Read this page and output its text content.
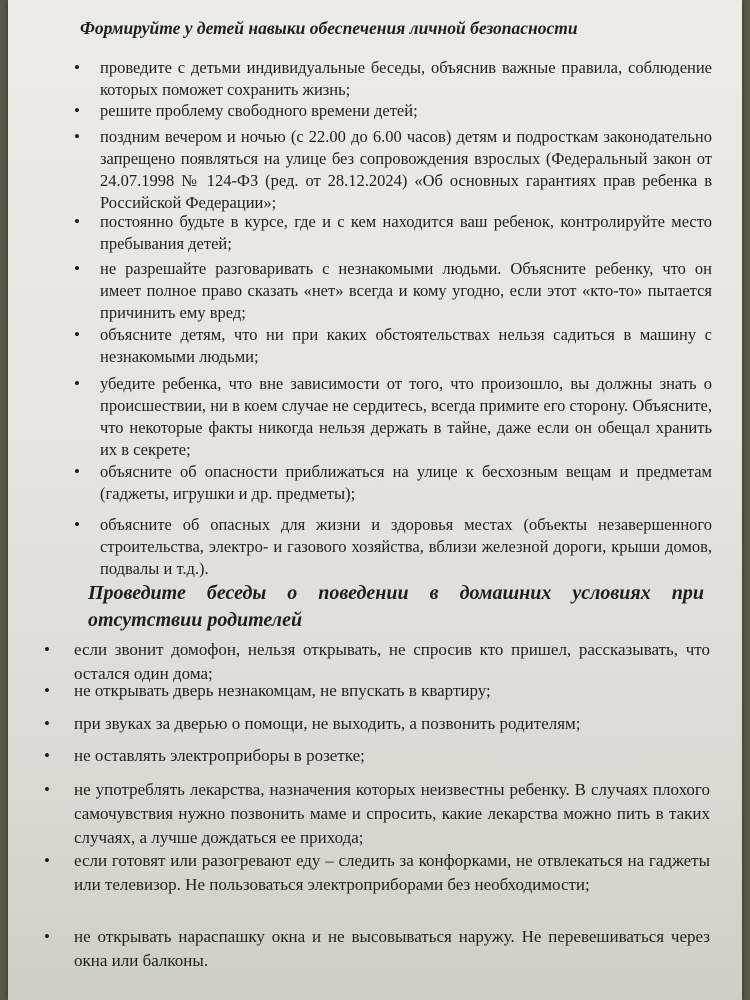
Формируйте у детей навыки обеспечения личной безопасности

• проведите с детьми индивидуальные беседы, объяснив важные правила, соблюдение которых поможет сохранить жизнь;

• решите проблему свободного времени детей;

• поздним вечером и ночью (с 22.00 до 6.00 часов) детям и подросткам законодательно запрещено появляться на улице без сопровождения взрослых (Федеральный закон от 24.07.1998 № 124-ФЗ (ред. от 28.12.2024) «Об основных гарантиях прав ребенка в Российской Федерации»;

• постоянно будьте в курсе, где и с кем находится ваш ребенок, контролируйте место пребывания детей;

• не разрешайте разговаривать с незнакомыми людьми. Объясните ребенку, что он имеет полное право сказать «нет» всегда и кому угодно, если этот «кто-то» пытается причинить ему вред;

• объясните детям, что ни при каких обстоятельствах нельзя садиться в машину с незнакомыми людьми;

• убедите ребенка, что вне зависимости от того, что произошло, вы должны знать о происшествии, ни в коем случае не сердитесь, всегда примите его сторону. Объясните, что некоторые факты никогда нельзя держать в тайне, даже если он обещал хранить их в секрете;

• объясните об опасности приближаться на улице к бесхозным вещам и предметам (гаджеты, игрушки и др. предметы);

• объясните об опасных для жизни и здоровья местах (объекты незавершенного строительства, электро- и газового хозяйства, вблизи железной дороги, крыши домов, подвалы и т.д.).

Проведите беседы о поведении в домашних условиях при отсутствии родителей

• если звонит домофон, нельзя открывать, не спросив кто пришел, рассказывать, что остался один дома;

• не открывать дверь незнакомцам, не впускать в квартиру;

• при звуках за дверью о помощи, не выходить, а позвонить родителям;

• не оставлять электроприборы в розетке;

• не употреблять лекарства, назначения которых неизвестны ребенку. В случаях плохого самочувствия нужно позвонить маме и спросить, какие лекарства можно пить в таких случаях, а лучше дождаться ее прихода;

• если готовят или разогревают еду – следить за конфорками, не отвлекаться на гаджеты или телевизор. Не пользоваться электроприборами без необходимости;

• не открывать нараспашку окна и не высовываться наружу. Не перевешиваться через окна или балконы.
